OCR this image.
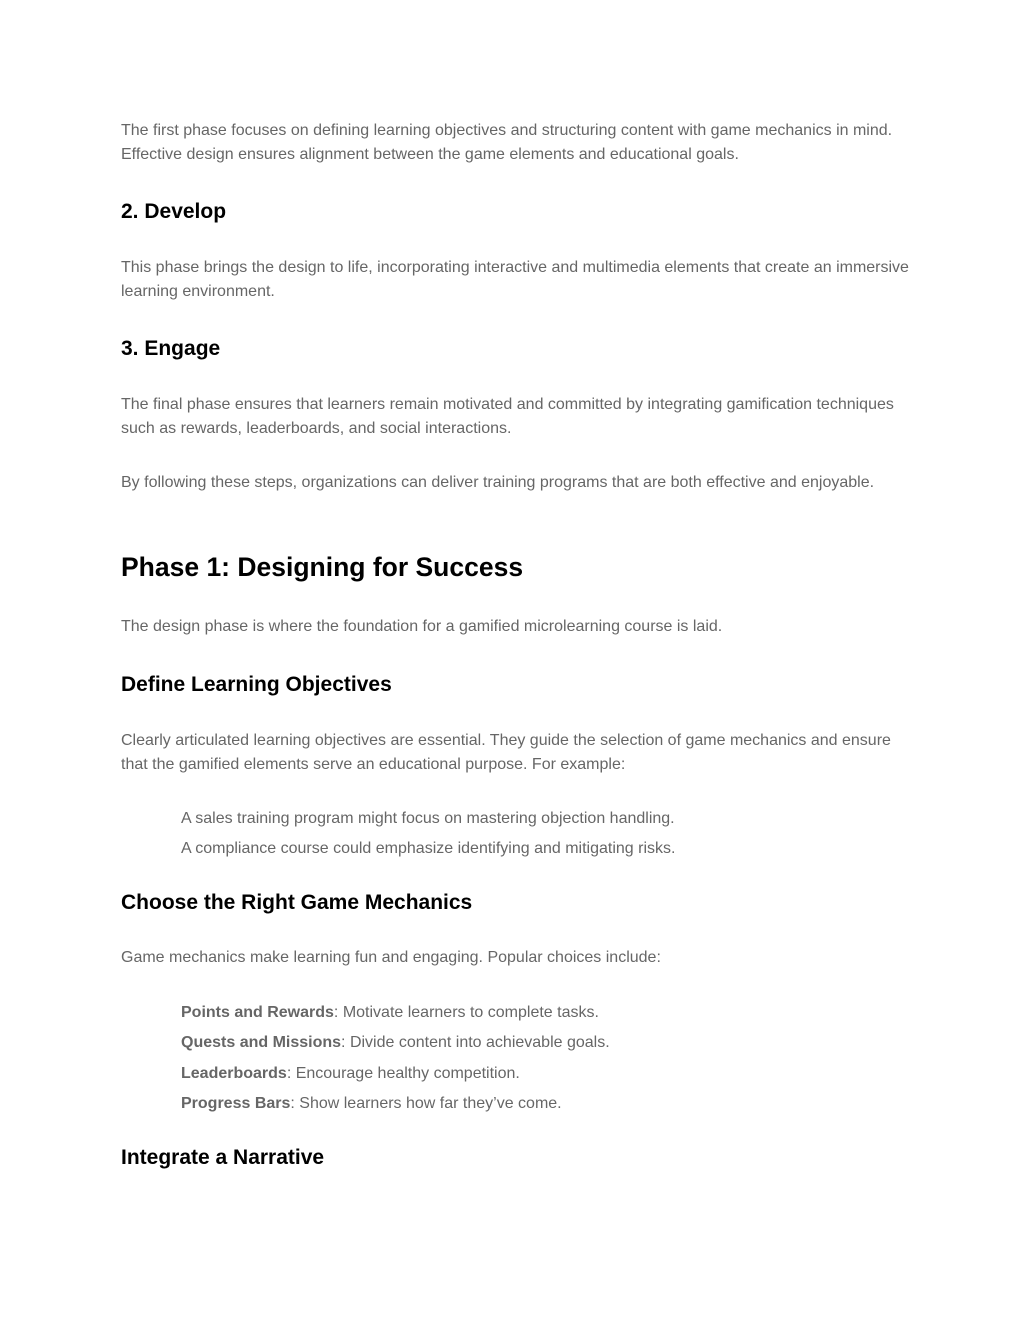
The first phase focuses on defining learning objectives and structuring content with game mechanics in mind. Effective design ensures alignment between the game elements and educational goals.

2. Develop

This phase brings the design to life, incorporating interactive and multimedia elements that create an immersive learning environment.

3. Engage

The final phase ensures that learners remain motivated and committed by integrating gamification techniques such as rewards, leaderboards, and social interactions.

By following these steps, organizations can deliver training programs that are both effective and enjoyable.

Phase 1: Designing for Success

The design phase is where the foundation for a gamified microlearning course is laid.

Define Learning Objectives

Clearly articulated learning objectives are essential. They guide the selection of game mechanics and ensure that the gamified elements serve an educational purpose. For example:

A sales training program might focus on mastering objection handling.
A compliance course could emphasize identifying and mitigating risks.
Choose the Right Game Mechanics

Game mechanics make learning fun and engaging. Popular choices include:

Points and Rewards: Motivate learners to complete tasks.
Quests and Missions: Divide content into achievable goals.
Leaderboards: Encourage healthy competition.
Progress Bars: Show learners how far they’ve come.
Integrate a Narrative
